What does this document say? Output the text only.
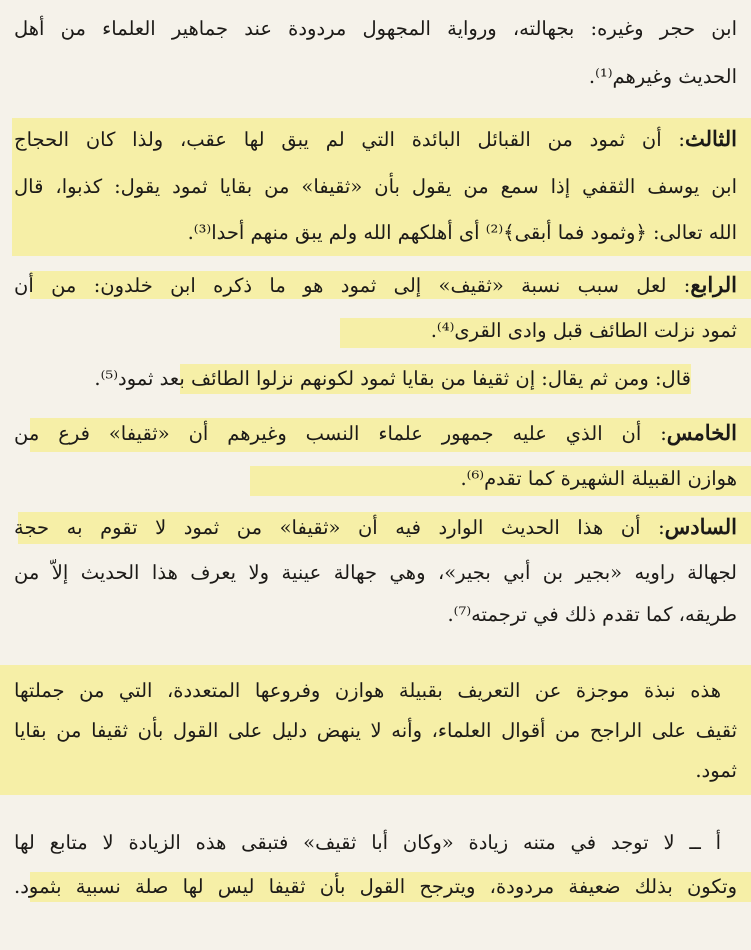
ابن حجر وغيره: بجهالته، ورواية المجهول مردودة عند جماهير العلماء من أهل
الحديث وغيرهم⁽¹⁾.
الثالث: أن ثمود من القبائل البائدة التي لم يبق لها عقب، ولذا كان الحجاج
ابن يوسف الثقفي إذا سمع من يقول بأن «ثقيفا» من بقايا ثمود يقول: كذبوا، قال
الله تعالى: ﴿وثمود فما أبقى﴾⁽²⁾ أى أهلكهم الله ولم يبق منهم أحدا⁽³⁾.
الرابع: لعل سبب نسبة «ثقيف» إلى ثمود هو ما ذكره ابن خلدون: من أن
ثمود نزلت الطائف قبل وادى القرى⁽⁴⁾.
قال: ومن ثم يقال: إن ثقيفا من بقايا ثمود لكونهم نزلوا الطائف بعد ثمود⁽⁵⁾.
الخامس: أن الذي عليه جمهور علماء النسب وغيرهم أن «ثقيفا» فرع من
هوازن القبيلة الشهيرة كما تقدم⁽⁶⁾.
السادس: أن هذا الحديث الوارد فيه أن «ثقيفا» من ثمود لا تقوم به حجة
لجهالة راويه «بجير بن أبي بجير»، وهي جهالة عينية ولا يعرف هذا الحديث إلاّ من
طريقه، كما تقدم ذلك في ترجمته⁽⁷⁾.
هذه نبذة موجزة عن التعريف بقبيلة هوازن وفروعها المتعددة، التي من جملتها
ثقيف على الراجح من أقوال العلماء، وأنه لا ينهض دليل على القول بأن ثقيفا من بقايا
ثمود.
أ ــ لا توجد في متنه زيادة «وكان أبا ثقيف» فتبقى هذه الزيادة لا متابع لها
وتكون بذلك ضعيفة مردودة، ويترجح القول بأن ثقيفا ليس لها صلة نسبية بثمود.
